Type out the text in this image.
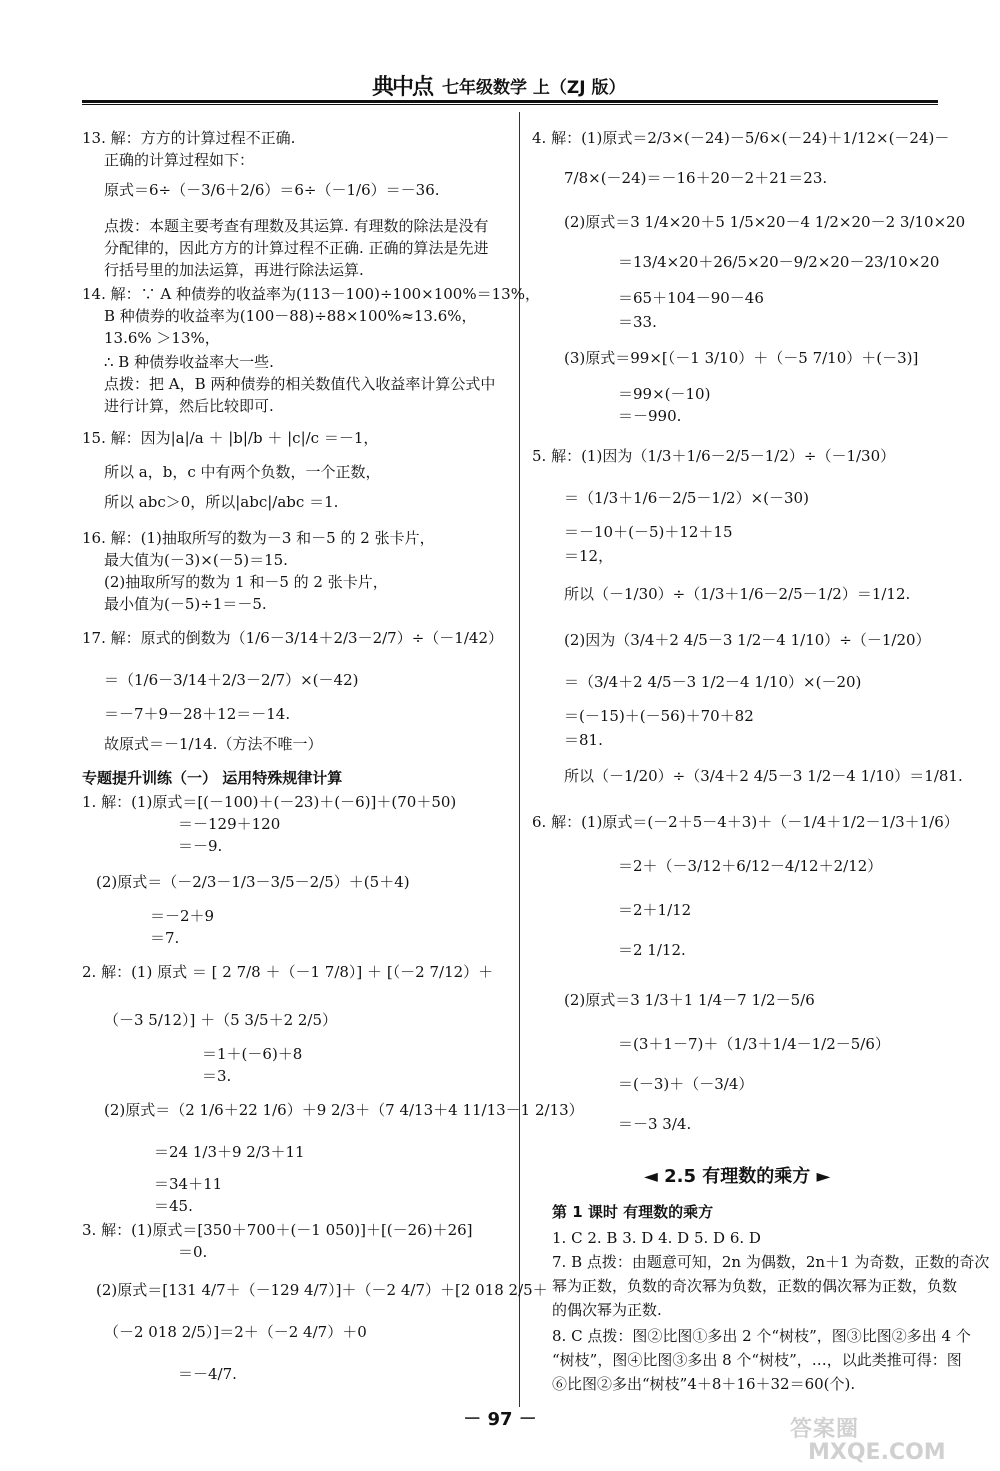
典中点 七年级数学 上（ZJ 版）
13. 解：方方的计算过程不正确.
正确的计算过程如下：
原式＝6÷（－3/6＋2/6）＝6÷（－1/6）＝－36.
点拨：本题主要考查有理数及其运算. 有理数的除法是没有
分配律的，因此方方的计算过程不正确. 正确的算法是先进
行括号里的加法运算，再进行除法运算.
14. 解：∵ A 种债券的收益率为(113－100)÷100×100%＝13%，
B 种债券的收益率为(100－88)÷88×100%≈13.6%，
13.6% ＞13%，
∴ B 种债券收益率大一些.
点拨：把 A，B 两种债券的相关数值代入收益率计算公式中
进行计算，然后比较即可.
15. 解：因为|a|/a ＋ |b|/b ＋ |c|/c ＝－1，
所以 a，b，c 中有两个负数，一个正数，
所以 abc＞0，所以|abc|/abc ＝1.
16. 解：(1)抽取所写的数为－3 和－5 的 2 张卡片，
最大值为(－3)×(－5)＝15.
(2)抽取所写的数为 1 和－5 的 2 张卡片，
最小值为(－5)÷1＝－5.
17. 解：原式的倒数为（1/6－3/14＋2/3－2/7）÷（－1/42）
＝（1/6－3/14＋2/3－2/7）×(－42)
＝－7＋9－28＋12＝－14.
故原式＝－1/14.（方法不唯一）
专题提升训练（一） 运用特殊规律计算
1. 解：(1)原式＝[(－100)＋(－23)＋(－6)]＋(70＋50)
＝－129＋120
＝－9.
(2)原式＝（－2/3－1/3－3/5－2/5）＋(5＋4)
＝－2＋9
＝7.
2. 解：(1) 原式 ＝ [ 2 7/8 ＋（－1 7/8）] ＋ [（－2 7/12）＋
（－3 5/12）] ＋（5 3/5＋2 2/5）
＝1＋(－6)＋8
＝3.
(2)原式＝（2 1/6＋22 1/6）＋9 2/3＋（7 4/13＋4 11/13－1 2/13）
＝24 1/3＋9 2/3＋11
＝34＋11
＝45.
3. 解：(1)原式＝[350＋700＋(－1 050)]＋[(－26)＋26]
＝0.
(2)原式＝[131 4/7＋（－129 4/7）]＋（－2 4/7）＋[2 018 2/5＋
（－2 018 2/5）]＝2＋（－2 4/7）＋0
＝－4/7.
4. 解：(1)原式＝2/3×(－24)－5/6×(－24)＋1/12×(－24)－
7/8×(－24)＝－16＋20－2＋21＝23.
(2)原式＝3 1/4×20＋5 1/5×20－4 1/2×20－2 3/10×20
＝13/4×20＋26/5×20－9/2×20－23/10×20
＝65＋104－90－46
＝33.
(3)原式＝99×[（－1 3/10）＋（－5 7/10）＋(－3)]
＝99×(－10)
＝－990.
5. 解：(1)因为（1/3＋1/6－2/5－1/2）÷（－1/30）
＝（1/3＋1/6－2/5－1/2）×(－30)
＝－10＋(－5)＋12＋15
＝12，
所以（－1/30）÷（1/3＋1/6－2/5－1/2）＝1/12.
(2)因为（3/4＋2 4/5－3 1/2－4 1/10）÷（－1/20）
＝（3/4＋2 4/5－3 1/2－4 1/10）×(－20)
＝(－15)＋(－56)＋70＋82
＝81.
所以（－1/20）÷（3/4＋2 4/5－3 1/2－4 1/10）＝1/81.
6. 解：(1)原式＝(－2＋5－4＋3)＋（－1/4＋1/2－1/3＋1/6）
＝2＋（－3/12＋6/12－4/12＋2/12）
＝2＋1/12
＝2 1/12.
(2)原式＝3 1/3＋1 1/4－7 1/2－5/6
＝(3＋1－7)＋（1/3＋1/4－1/2－5/6）
＝(－3)＋（－3/4）
＝－3 3/4.
第 1 课时 有理数的乘方
1. C 2. B 3. D 4. D 5. D 6. D
7. B 点拨：由题意可知，2n 为偶数，2n＋1 为奇数，正数的奇次
幂为正数，负数的奇次幂为负数，正数的偶次幂为正数，负数
的偶次幂为正数.
8. C 点拨：图②比图①多出 2 个“树枝”，图③比图②多出 4 个
“树枝”，图④比图③多出 8 个“树枝”，…，以此类推可得：图
⑥比图②多出“树枝”4＋8＋16＋32＝60(个).
◄ 2.5 有理数的乘方 ►
－ 97 －	答案圈
MXQE.COM
